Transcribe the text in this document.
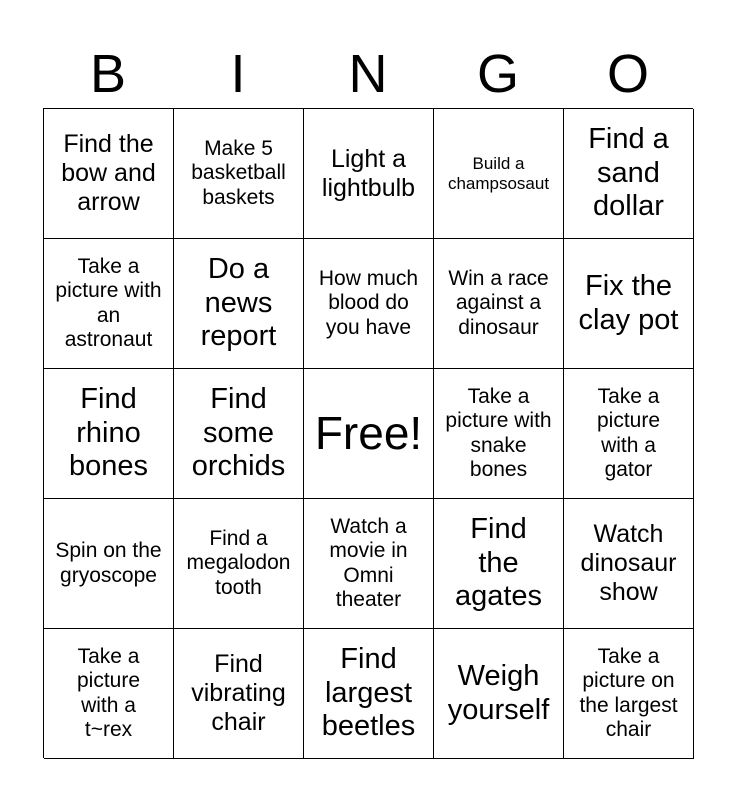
B	I	N	G	O
Find the bow and arrow
Make 5 basketball baskets
Light a lightbulb
Build a champsosaut
Find a sand dollar
Take a picture with an astronaut
Do a news report
How much blood do you have
Win a race against a dinosaur
Fix the clay pot
Find rhino bones
Find some orchids
Free!
Take a picture with snake bones
Take a picture with a gator
Spin on the gryoscope
Find a megalodon tooth
Watch a movie in Omni theater
Find the agates
Watch dinosaur show
Take a picture with a t~rex
Find vibrating chair
Find largest beetles
Weigh yourself
Take a picture on the largest chair
